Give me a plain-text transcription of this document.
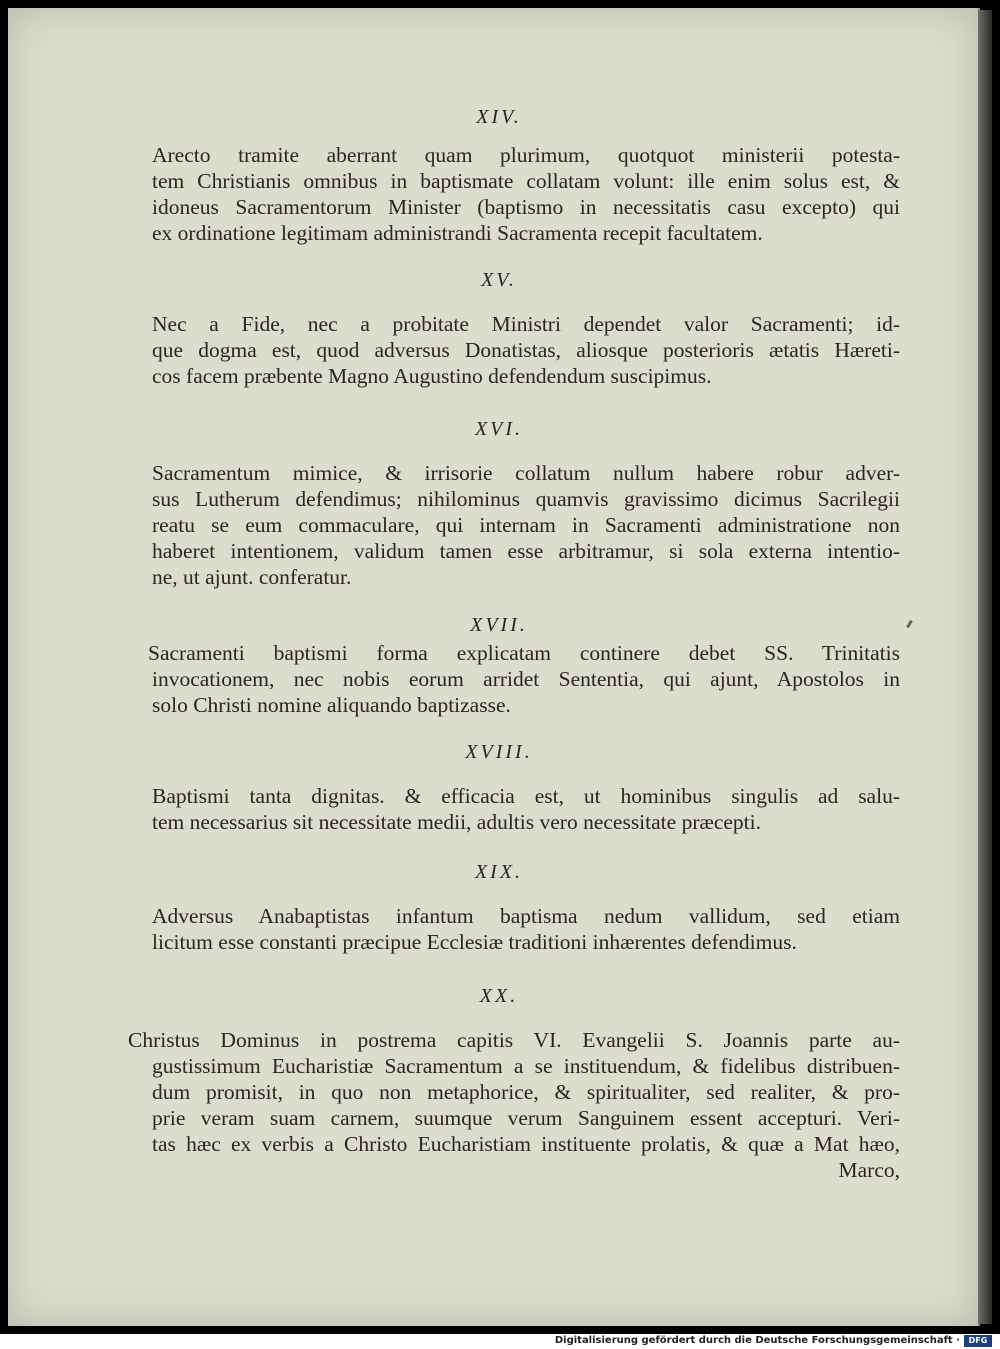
XIV.

Arecto tramite aberrant quam plurimum, quotquot ministerii potesta-
tem Christianis omnibus in baptismate collatam volunt: ille enim solus est, &
idoneus Sacramentorum Minister (baptismo in necessitatis casu excepto) qui
ex ordinatione legitimam administrandi Sacramenta recepit facultatem.

XV.

Nec a Fide, nec a probitate Ministri dependet valor Sacramenti; id-
que dogma est, quod adversus Donatistas, aliosque posterioris ætatis Hæreti-
cos facem præbente Magno Augustino defendendum suscipimus.

XVI.

Sacramentum mimice, & irrisorie collatum nullum habere robur adver-
sus Lutherum defendimus; nihilominus quamvis gravissimo dicimus Sacrilegii
reatu se eum commaculare, qui internam in Sacramenti administratione non
haberet intentionem, validum tamen esse arbitramur, si sola externa intentio-
ne, ut ajunt. conferatur.

XVII.

Sacramenti baptismi forma explicatam continere debet SS. Trinitatis
invocationem, nec nobis eorum arridet Sententia, qui ajunt, Apostolos in
solo Christi nomine aliquando baptizasse.

XVIII.

Baptismi tanta dignitas. & efficacia est, ut hominibus singulis ad salu-
tem necessarius sit necessitate medii, adultis vero necessitate præcepti.

XIX.

Adversus Anabaptistas infantum baptisma nedum vallidum, sed etiam
licitum esse constanti præcipue Ecclesiæ traditioni inhærentes defendimus.

XX.

Christus Dominus in postrema capitis VI. Evangelii S. Joannis parte au-
gustissimum Eucharistiæ Sacramentum a se instituendum, & fidelibus distribuen-
dum promisit, in quo non metaphorice, & spiritualiter, sed realiter, & pro-
prie veram suam carnem, suumque verum Sanguinem essent accepturi. Veri-
tas hæc ex verbis a Christo Eucharistiam instituente prolatis, & quæ a Mat hæo,
Marco,

Digitalisierung gefördert durch die Deutsche Forschungsgemeinschaft ·	DFG
